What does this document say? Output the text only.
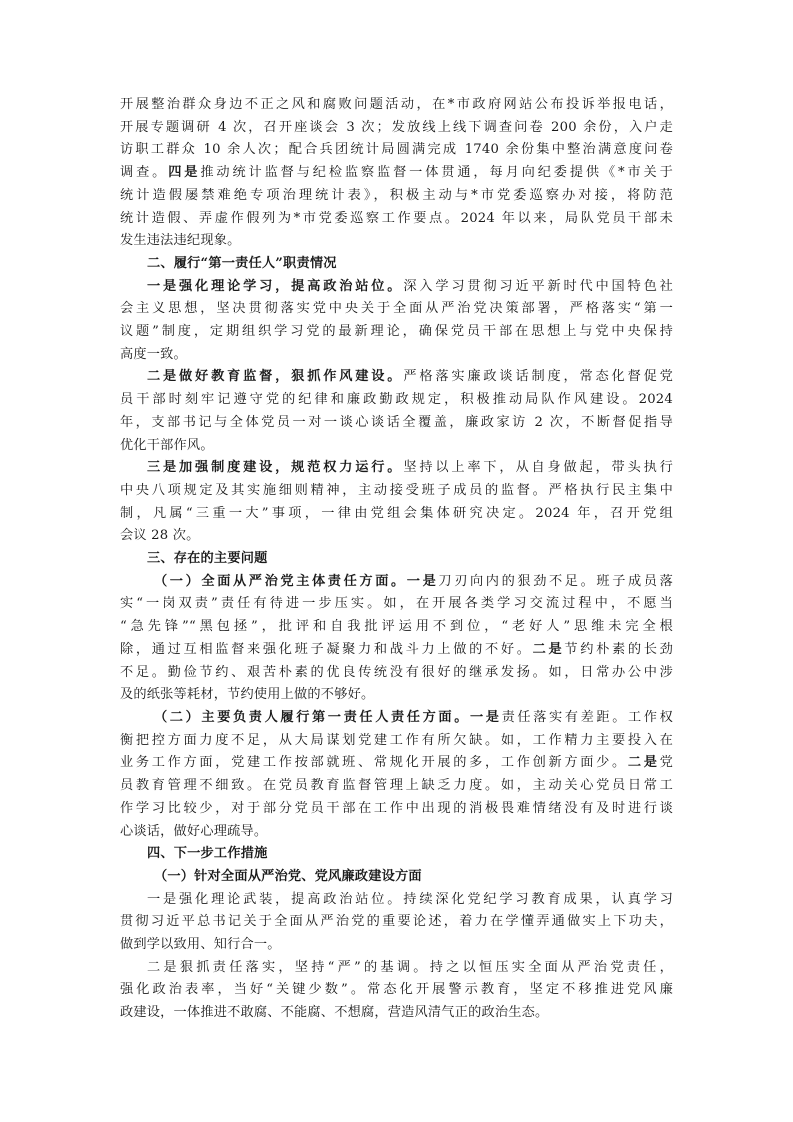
开展整治群众身边不正之风和腐败问题活动，在*市政府网站公布投诉举报电话，
开展专题调研 4 次，召开座谈会 3 次；发放线上线下调查问卷 200 余份，入户走
访职工群众 10 余人次；配合兵团统计局圆满完成 1740 余份集中整治满意度问卷
调查。四是推动统计监督与纪检监察监督一体贯通，每月向纪委提供《*市关于
统计造假屡禁难绝专项治理统计表》，积极主动与*市党委巡察办对接，将防范
统计造假、弄虚作假列为*市党委巡察工作要点。2024 年以来，局队党员干部未
发生违法违纪现象。
二、履行“第一责任人”职责情况
一是强化理论学习，提高政治站位。深入学习贯彻习近平新时代中国特色社
会主义思想，坚决贯彻落实党中央关于全面从严治党决策部署，严格落实“第一
议题”制度，定期组织学习党的最新理论，确保党员干部在思想上与党中央保持
高度一致。
二是做好教育监督，狠抓作风建设。严格落实廉政谈话制度，常态化督促党
员干部时刻牢记遵守党的纪律和廉政勤政规定，积极推动局队作风建设。2024
年，支部书记与全体党员一对一谈心谈话全覆盖，廉政家访 2 次，不断督促指导
优化干部作风。
三是加强制度建设，规范权力运行。坚持以上率下，从自身做起，带头执行
中央八项规定及其实施细则精神，主动接受班子成员的监督。严格执行民主集中
制，凡属“三重一大”事项，一律由党组会集体研究决定。2024 年，召开党组
会议 28 次。
三、存在的主要问题
（一）全面从严治党主体责任方面。一是刀刃向内的狠劲不足。班子成员落
实“一岗双责”责任有待进一步压实。如，在开展各类学习交流过程中，不愿当
“急先锋”“黑包拯”，批评和自我批评运用不到位，“老好人”思维未完全根
除，通过互相监督来强化班子凝聚力和战斗力上做的不好。二是节约朴素的长劲
不足。勤俭节约、艰苦朴素的优良传统没有很好的继承发扬。如，日常办公中涉
及的纸张等耗材，节约使用上做的不够好。
（二）主要负责人履行第一责任人责任方面。一是责任落实有差距。工作权
衡把控方面力度不足，从大局谋划党建工作有所欠缺。如，工作精力主要投入在
业务工作方面，党建工作按部就班、常规化开展的多，工作创新方面少。二是党
员教育管理不细致。在党员教育监督管理上缺乏力度。如，主动关心党员日常工
作学习比较少，对于部分党员干部在工作中出现的消极畏难情绪没有及时进行谈
心谈话，做好心理疏导。
四、下一步工作措施
（一）针对全面从严治党、党风廉政建设方面
一是强化理论武装，提高政治站位。持续深化党纪学习教育成果，认真学习
贯彻习近平总书记关于全面从严治党的重要论述，着力在学懂弄通做实上下功夫，
做到学以致用、知行合一。
二是狠抓责任落实，坚持“严”的基调。持之以恒压实全面从严治党责任，
强化政治表率，当好“关键少数”。常态化开展警示教育，坚定不移推进党风廉
政建设，一体推进不敢腐、不能腐、不想腐，营造风清气正的政治生态。
